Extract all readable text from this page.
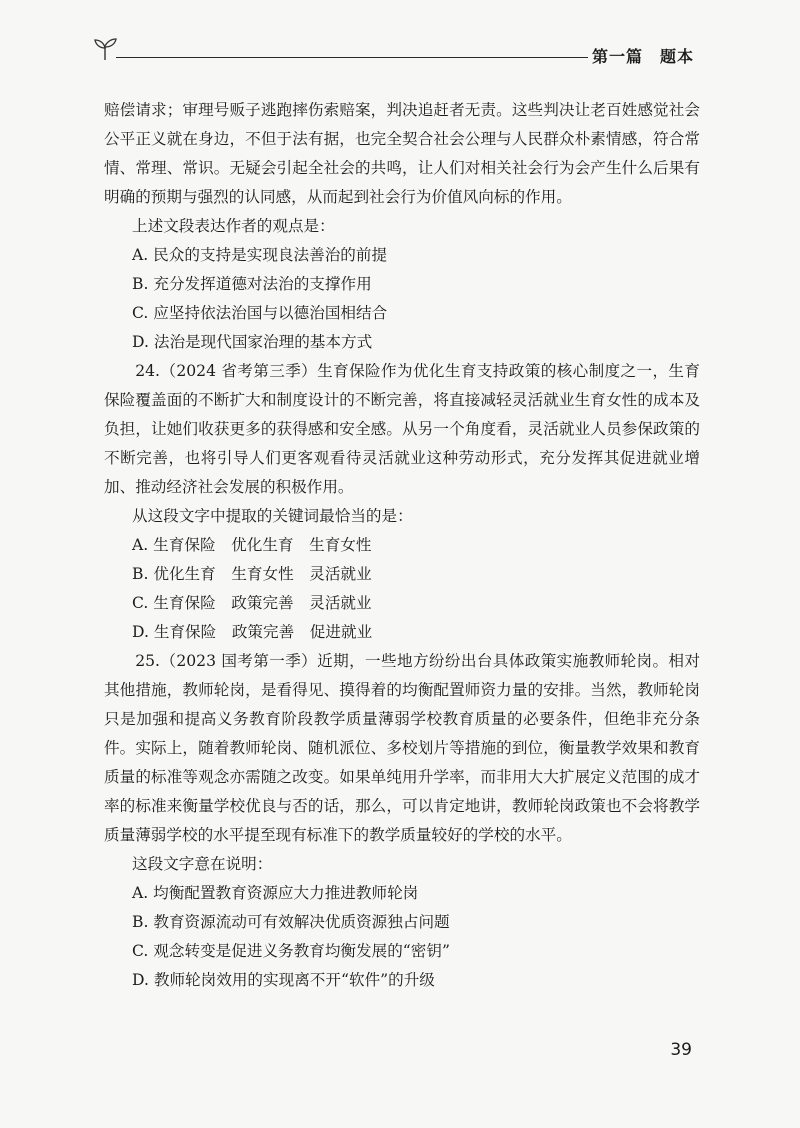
第一篇　题本

赔偿请求；审理号贩子逃跑摔伤索赔案，判决追赶者无责。这些判决让老百姓感觉社会公平正义就在身边，不但于法有据，也完全契合社会公理与人民群众朴素情感，符合常情、常理、常识。无疑会引起全社会的共鸣，让人们对相关社会行为会产生什么后果有明确的预期与强烈的认同感，从而起到社会行为价值风向标的作用。

上述文段表达作者的观点是：

A. 民众的支持是实现良法善治的前提

B. 充分发挥道德对法治的支撑作用

C. 应坚持依法治国与以德治国相结合

D. 法治是现代国家治理的基本方式

24.（2024 省考第三季）生育保险作为优化生育支持政策的核心制度之一，生育保险覆盖面的不断扩大和制度设计的不断完善，将直接减轻灵活就业生育女性的成本及负担，让她们收获更多的获得感和安全感。从另一个角度看，灵活就业人员参保政策的不断完善，也将引导人们更客观看待灵活就业这种劳动形式，充分发挥其促进就业增加、推动经济社会发展的积极作用。

从这段文字中提取的关键词最恰当的是：

A. 生育保险　优化生育　生育女性

B. 优化生育　生育女性　灵活就业

C. 生育保险　政策完善　灵活就业

D. 生育保险　政策完善　促进就业

25.（2023 国考第一季）近期，一些地方纷纷出台具体政策实施教师轮岗。相对其他措施，教师轮岗，是看得见、摸得着的均衡配置师资力量的安排。当然，教师轮岗只是加强和提高义务教育阶段教学质量薄弱学校教育质量的必要条件，但绝非充分条件。实际上，随着教师轮岗、随机派位、多校划片等措施的到位，衡量教学效果和教育质量的标准等观念亦需随之改变。如果单纯用升学率，而非用大大扩展定义范围的成才率的标准来衡量学校优良与否的话，那么，可以肯定地讲，教师轮岗政策也不会将教学质量薄弱学校的水平提至现有标准下的教学质量较好的学校的水平。

这段文字意在说明：

A. 均衡配置教育资源应大力推进教师轮岗

B. 教育资源流动可有效解决优质资源独占问题

C. 观念转变是促进义务教育均衡发展的“密钥”

D. 教师轮岗效用的实现离不开“软件”的升级

39
